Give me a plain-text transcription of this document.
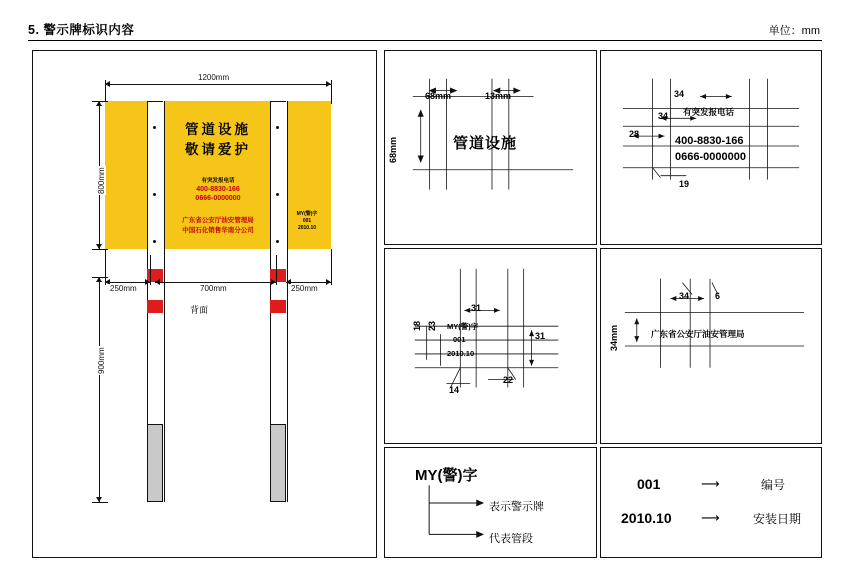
5. 警示牌标识内容	单位：mm
1200mm
管道设施
敬请爱护
有突发报电话
400-8830-166
0666-0000000
广东省公安厅油安管理局
中国石化销售华南分公司
MY(警)字
001
2010.10
800mm
900mm
250mm	700mm	250mm
背面
管道设施
68mm	13mm
68mm
34
34
28
19
有突发报电话
400-8830-166
0666-0000000
31
31
18 23
14
22
MY(警)字
001
2010.10
34	6
34mm	广东省公安厅油安管理局
MY(警)字
表示警示牌
代表管段
001	⟶	编号
2010.10 ⟶	安装日期
